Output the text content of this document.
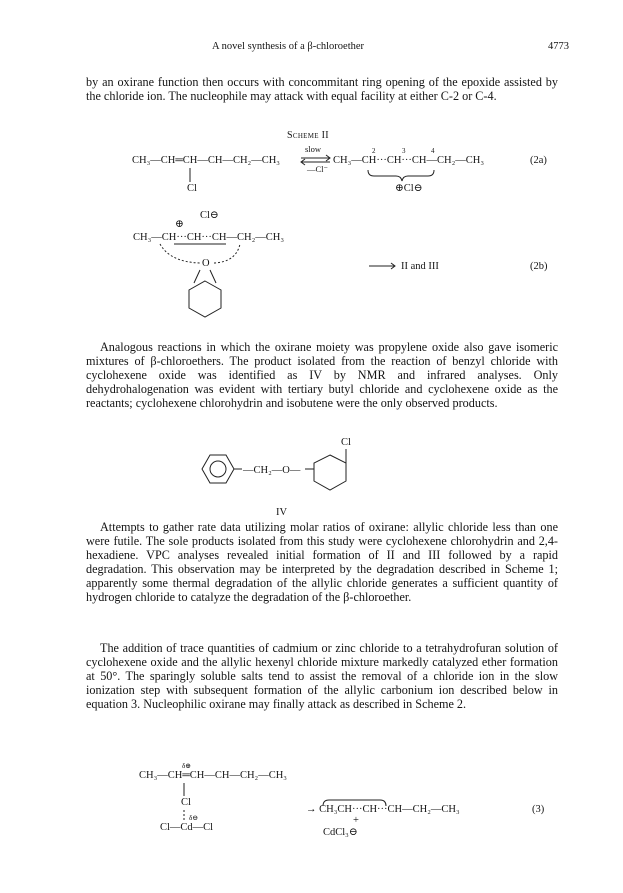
A novel synthesis of a β-chloroether	4773

by an oxirane function then occurs with concommitant ring opening of the epoxide assisted by the chloride ion. The nucleophile may attack with equal facility at either C-2 or C-4.

Scheme II
CH₃—CH═CH—CH—CH₂—CH₃
Cl
slow
—Cl⁻
CH₃—CH···CH···CH—CH₂—CH₃
2	3	4
⊕Cl⊖
(2a)
Cl⊖
⊕
CH₃—CH···CH···CH—CH₂—CH₃
O	II and III	(2b)

Analogous reactions in which the oxirane moiety was propylene oxide also gave isomeric mixtures of β-chloroethers. The product isolated from the reaction of benzyl chloride with cyclohexene oxide was identified as IV by NMR and infrared analyses. Only dehydrohalogenation was evident with tertiary butyl chloride and cyclohexene oxide as the reactants; cyclohexene chlorohydrin and isobutene were the only observed products.

—CH₂—O—
Cl
IV

Attempts to gather rate data utilizing molar ratios of oxirane: allylic chloride less than one were futile. The sole products isolated from this study were cyclohexene chlorohydrin and 2,4-hexadiene. VPC analyses revealed initial formation of II and III followed by a rapid degradation. This observation may be interpreted by the degradation described in Scheme 1; apparently some thermal degradation of the allylic chloride generates a sufficient quantity of hydrogen chloride to catalyze the degradation of the β-chloroether.

The addition of trace quantities of cadmium or zinc chloride to a tetrahydrofuran solution of cyclohexene oxide and the allylic hexenyl chloride mixture markedly catalyzed ether formation at 50°. The sparingly soluble salts tend to assist the removal of a chloride ion in the slow ionization step with subsequent formation of the allylic carbonium ion described below in equation 3. Nucleophilic oxirane may finally attack as described in Scheme 2.

δ⊕
CH₃—CH═CH—CH—CH₂—CH₃
Cl
δ⊖
Cl—Cd—Cl
→ CH₃CH···CH···CH—CH₂—CH₃
+
CdCl₃⊖
(3)
